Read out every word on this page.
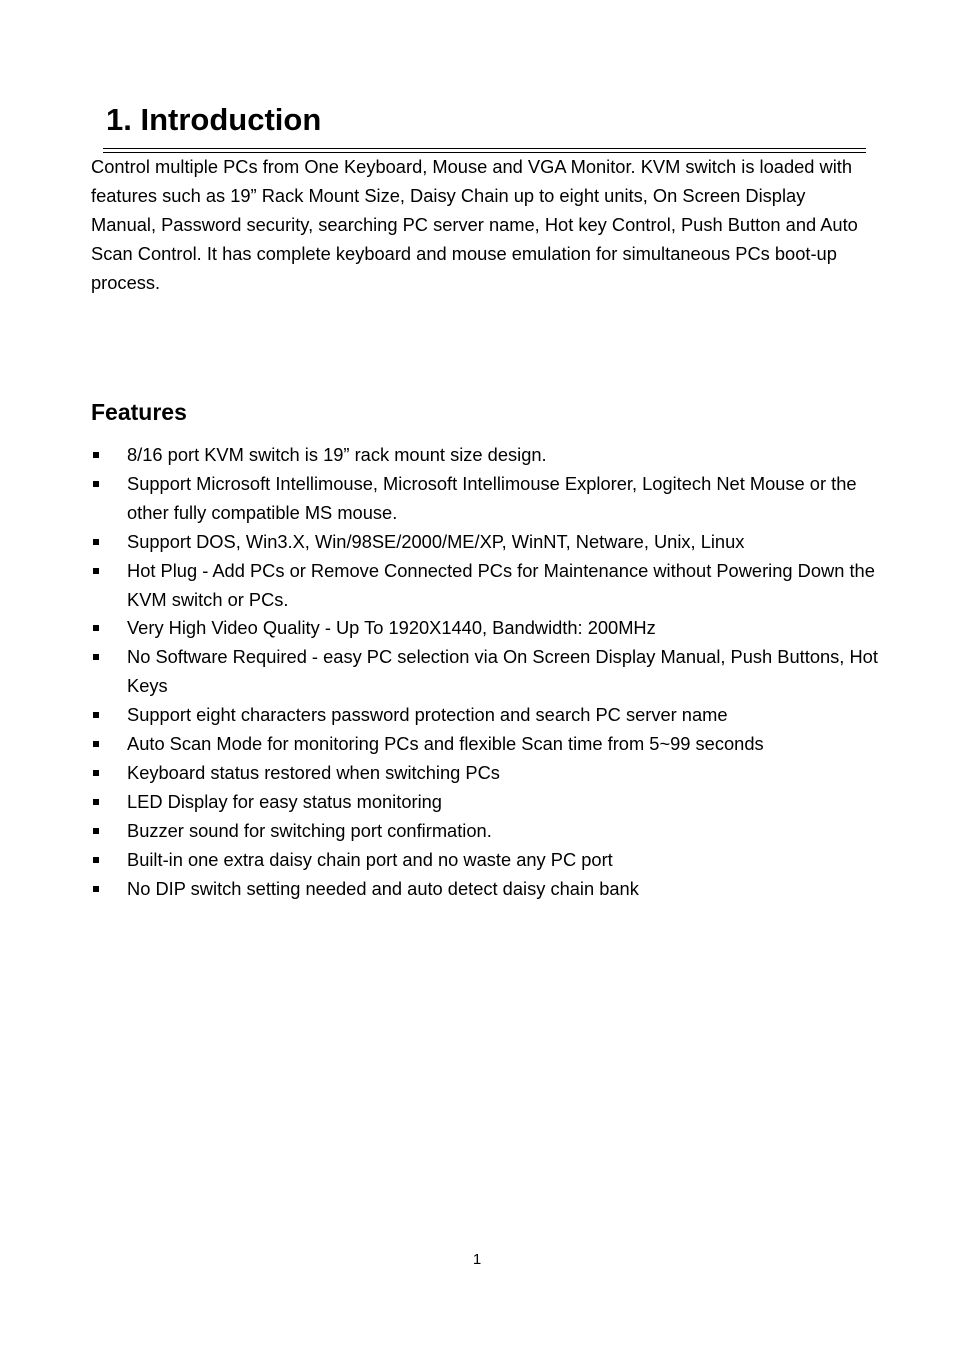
1. Introduction

Control multiple PCs from One Keyboard, Mouse and VGA Monitor. KVM switch is loaded with features such as 19” Rack Mount Size, Daisy Chain up to eight units, On Screen Display Manual, Password security, searching PC server name, Hot key Control, Push Button and Auto Scan Control. It has complete keyboard and mouse emulation for simultaneous PCs boot-up process.

Features
8/16 port KVM switch is 19” rack mount size design.
Support Microsoft Intellimouse, Microsoft Intellimouse Explorer, Logitech Net Mouse or the other fully compatible MS mouse.
Support DOS, Win3.X, Win/98SE/2000/ME/XP, WinNT, Netware, Unix, Linux
Hot Plug - Add PCs or Remove Connected PCs for Maintenance without Powering Down the KVM switch or PCs.
Very High Video Quality - Up To 1920X1440, Bandwidth: 200MHz
No Software Required - easy PC selection via On Screen Display Manual, Push Buttons, Hot Keys
Support eight characters password protection and search PC server name
Auto Scan Mode for monitoring PCs and flexible Scan time from 5~99 seconds
Keyboard status restored when switching PCs
LED Display for easy status monitoring
Buzzer sound for switching port confirmation.
Built-in one extra daisy chain port and no waste any PC port
No DIP switch setting needed and auto detect daisy chain bank
1
